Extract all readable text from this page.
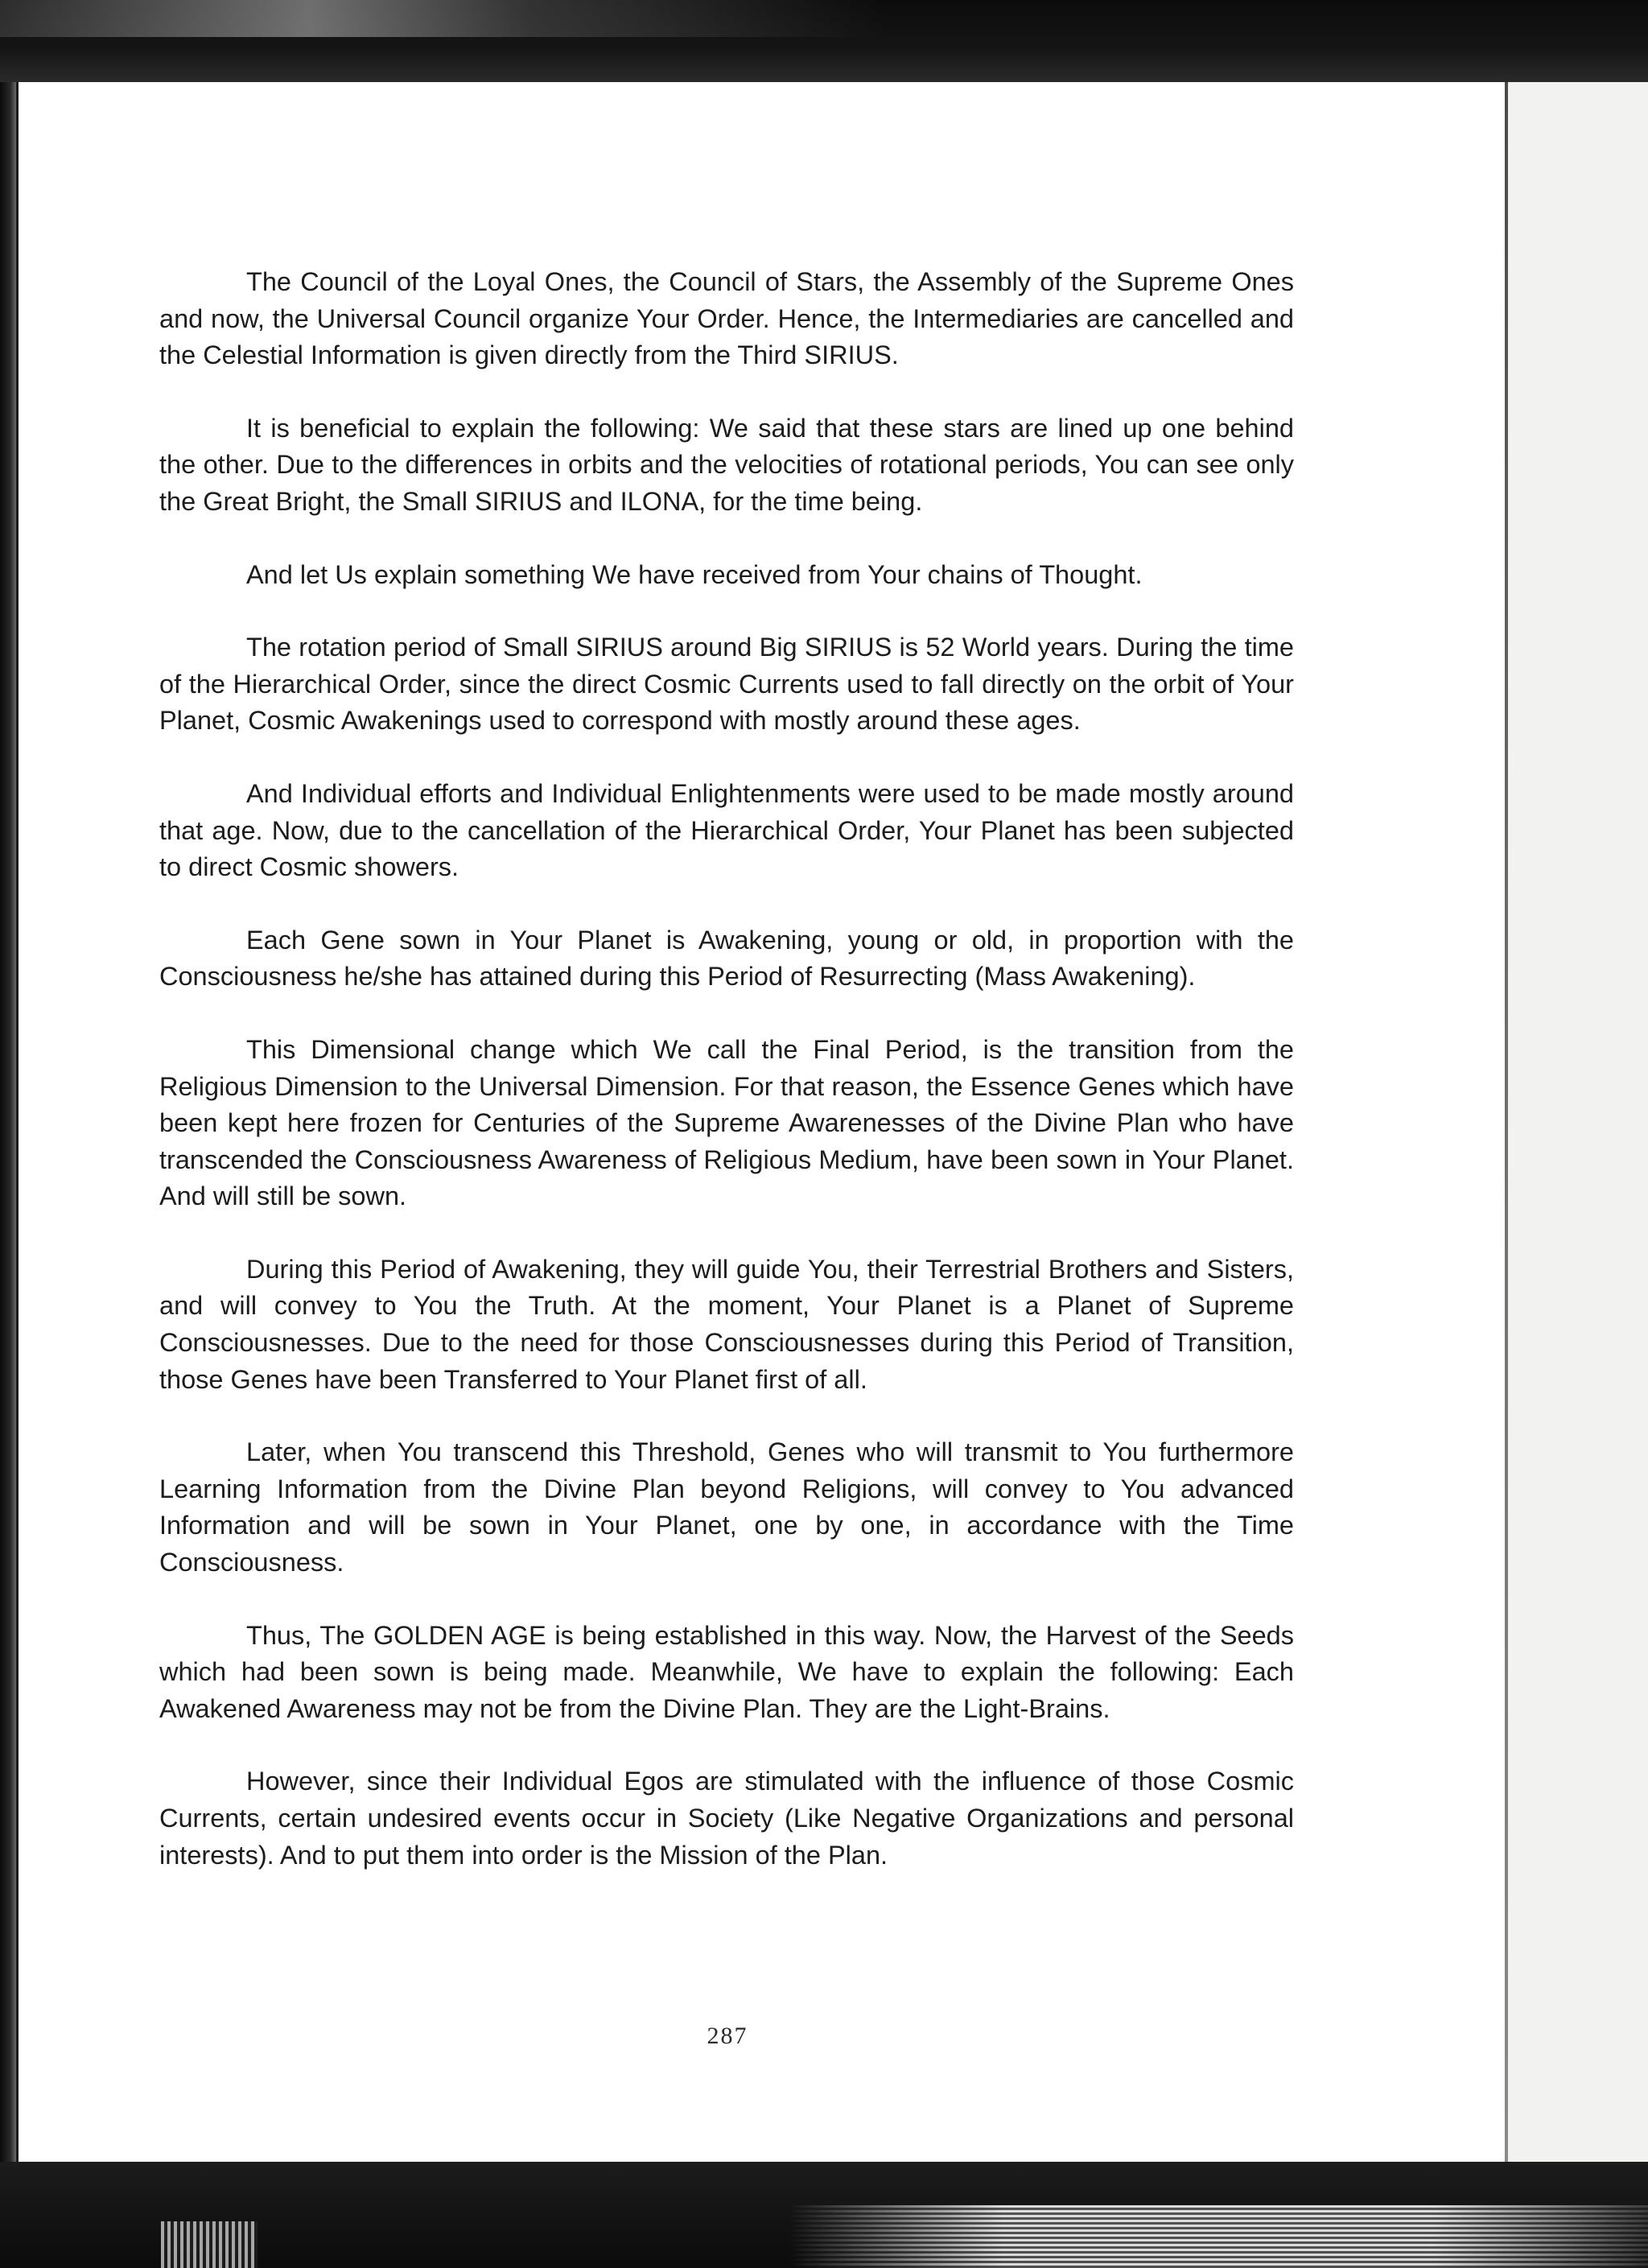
The Council of the Loyal Ones, the Council of Stars, the Assembly of the Supreme Ones and now, the Universal Council organize Your Order. Hence, the Intermediaries are cancelled and the Celestial Information is given directly from the Third SIRIUS.

It is beneficial to explain the following: We said that these stars are lined up one behind the other. Due to the differences in orbits and the velocities of rotational periods, You can see only the Great Bright, the Small SIRIUS and ILONA, for the time being.

And let Us explain something We have received from Your chains of Thought.

The rotation period of Small SIRIUS around Big SIRIUS is 52 World years. During the time of the Hierarchical Order, since the direct Cosmic Currents used to fall directly on the orbit of Your Planet, Cosmic Awakenings used to correspond with mostly around these ages.

And Individual efforts and Individual Enlightenments were used to be made mostly around that age. Now, due to the cancellation of the Hierarchical Order, Your Planet has been subjected to direct Cosmic showers.

Each Gene sown in Your Planet is Awakening, young or old, in proportion with the Consciousness he/she has attained during this Period of Resurrecting (Mass Awakening).

This Dimensional change which We call the Final Period, is the transition from the Religious Dimension to the Universal Dimension. For that reason, the Essence Genes which have been kept here frozen for Centuries of the Supreme Awarenesses of the Divine Plan who have transcended the Consciousness Awareness of Religious Medium, have been sown in Your Planet. And will still be sown.

During this Period of Awakening, they will guide You, their Terrestrial Brothers and Sisters, and will convey to You the Truth. At the moment, Your Planet is a Planet of Supreme Consciousnesses. Due to the need for those Consciousnesses during this Period of Transition, those Genes have been Transferred to Your Planet first of all.

Later, when You transcend this Threshold, Genes who will transmit to You furthermore Learning Information from the Divine Plan beyond Religions, will convey to You advanced Information and will be sown in Your Planet, one by one, in accordance with the Time Consciousness.

Thus, The GOLDEN AGE is being established in this way. Now, the Harvest of the Seeds which had been sown is being made. Meanwhile, We have to explain the following: Each Awakened Awareness may not be from the Divine Plan. They are the Light-Brains.

However, since their Individual Egos are stimulated with the influence of those Cosmic Currents, certain undesired events occur in Society (Like Negative Organizations and personal interests). And to put them into order is the Mission of the Plan.

287
